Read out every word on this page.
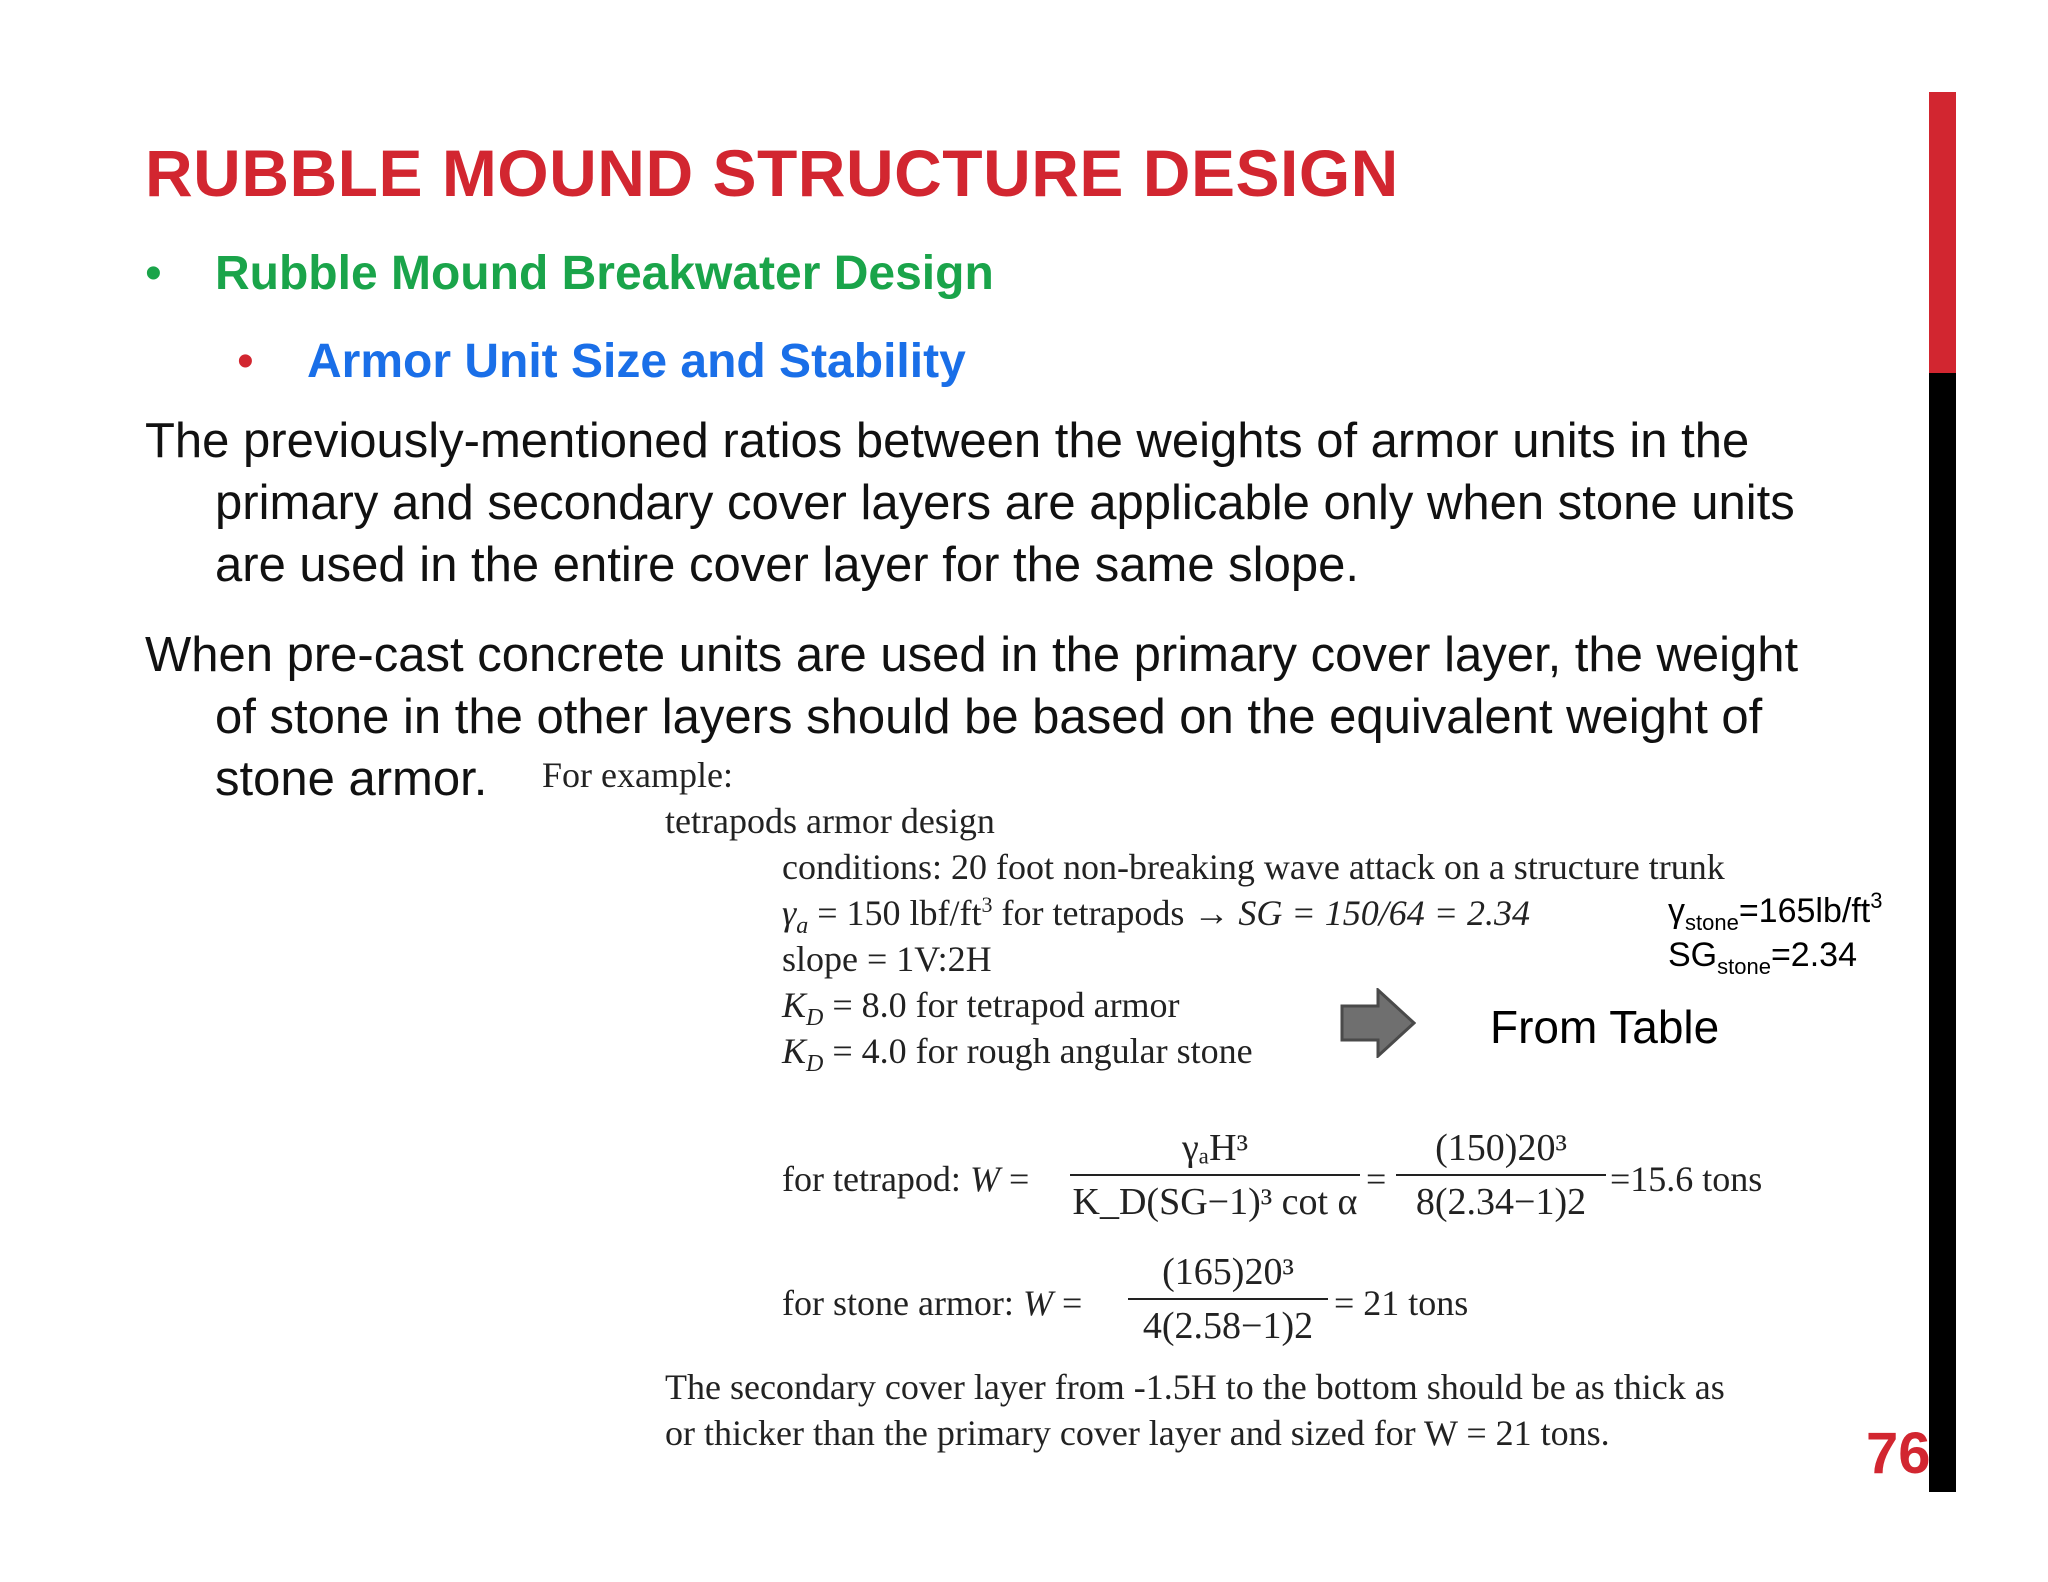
RUBBLE MOUND STRUCTURE DESIGN
• Rubble Mound Breakwater Design
• Armor Unit Size and Stability
The previously-mentioned ratios between the weights of armor units in the
primary and secondary cover layers are applicable only when stone units
are used in the entire cover layer for the same slope.
When pre-cast concrete units are used in the primary cover layer, the weight
of stone in the other layers should be based on the equivalent weight of
stone armor.	For example:
tetrapods armor design
conditions: 20 foot non-breaking wave attack on a structure trunk
$\gamma_a = 150$ lbf/$ft^3$ for tetrapods → SG = 150/64 = 2.34
slope = 1V:2H
$K_D = 8.0$ for tetrapod armor
$K_D = 4.0$ for rough angular stone
$\gamma_{stone}=165lb/ft^3$
$SG_{stone}=2.34$
From Table
for tetrapod: W =
γₐH³
K_D(SG−1)³ cot α
= $\frac{\text{(150)20³}}{8(2.34-1)2} =15.6$ tons
for stone armor: $W = \frac{\text{(165)20³}}{4(2.58-1)2} = 21$ tons
The secondary cover layer from -1.5H to the bottom should be as thick as
or thicker than the primary cover layer and sized for W = 21 tons.	76
